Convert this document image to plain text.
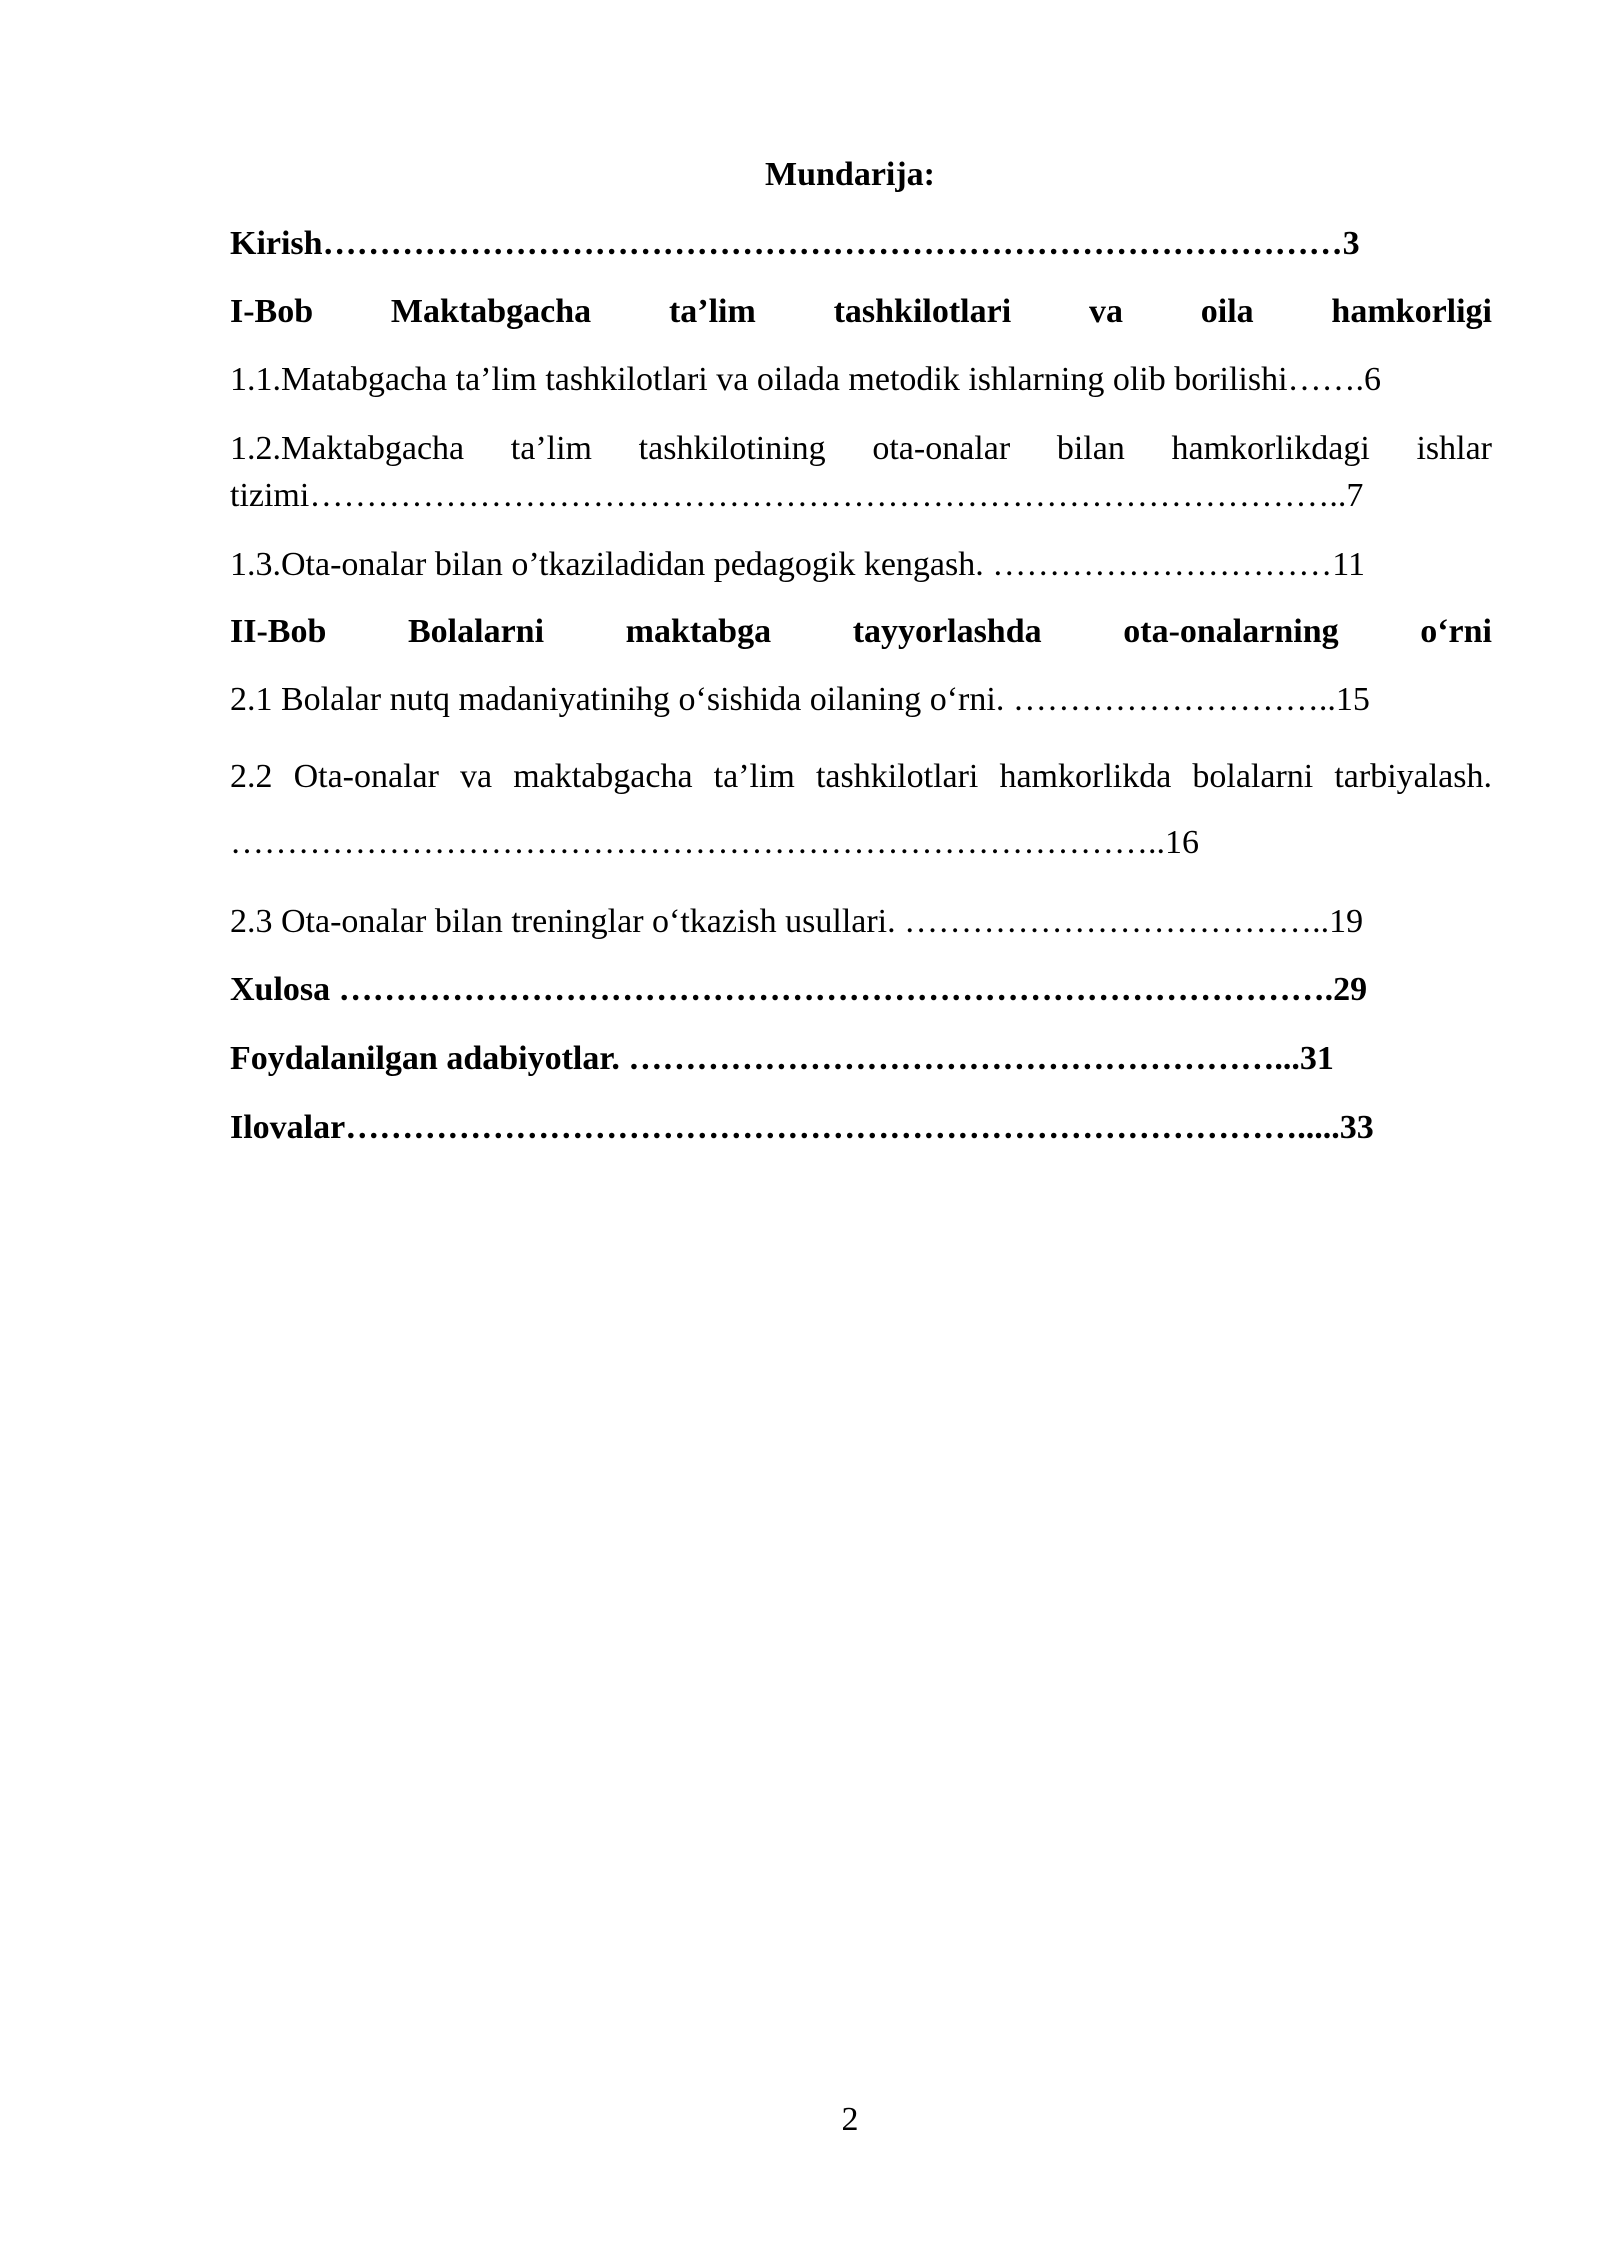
Mundarija:
Kirish………………………………………………………………………………3
I-Bob Maktabgacha ta’lim tashkilotlari va oila hamkorligi
1.1.Matabgacha ta’lim tashkilotlari va oilada metodik ishlarning olib borilishi…….6
1.2.Maktabgacha ta’lim tashkilotining ota-onalar bilan hamkorlikdagi ishlar tizimi………………………………………………………………………………..7
1.3.Ota-onalar bilan o’tkaziladidan pedagogik kengash. …………………………11
II-Bob Bolalarni maktabga tayyorlashda ota-onalarning o‘rni
2.1 Bolalar nutq madaniyatinihg o‘sishida oilaning o‘rni. ………………………..15
2.2 Ota-onalar va maktabgacha ta’lim tashkilotlari hamkorlikda bolalarni tarbiyalash. ………………………………………………………………………..16
2.3 Ota-onalar bilan treninglar o‘tkazish usullari. ………………………………..19
Xulosa …………………………………………………………………………….29
Foydalanilgan adabiyotlar. …………………………………………………...31
Ilovalar………………………………………………………………………….....33
2
